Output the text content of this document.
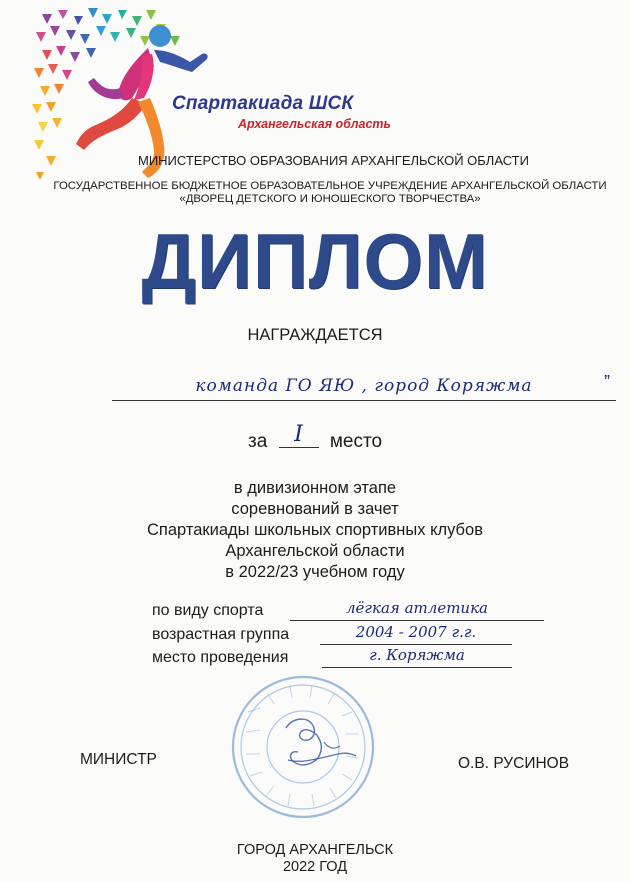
Спартакиада ШСК
Архангельская область
МИНИСТЕРСТВО ОБРАЗОВАНИЯ АРХАНГЕЛЬСКОЙ ОБЛАСТИ
ГОСУДАРСТВЕННОЕ БЮДЖЕТНОЕ ОБРАЗОВАТЕЛЬНОЕ УЧРЕЖДЕНИЕ АРХАНГЕЛЬСКОЙ ОБЛАСТИ
«ДВОРЕЦ ДЕТСКОГО И ЮНОШЕСКОГО ТВОРЧЕСТВА»
ДИПЛОМ
НАГРАЖДАЕТСЯ
команда ГО ЯЮ , город Коряжма	”
за I место
в дивизионном этапе
соревнований в зачет
Спартакиады школьных спортивных клубов
Архангельской области
в 2022/23 учебном году
по виду спорта	лёгкая атлетика
возрастная группа	2004 - 2007 г.г.
место проведения	г. Коряжма
МИНИСТР	О.В. РУСИНОВ
ГОРОД АРХАНГЕЛЬСК
2022 ГОД
